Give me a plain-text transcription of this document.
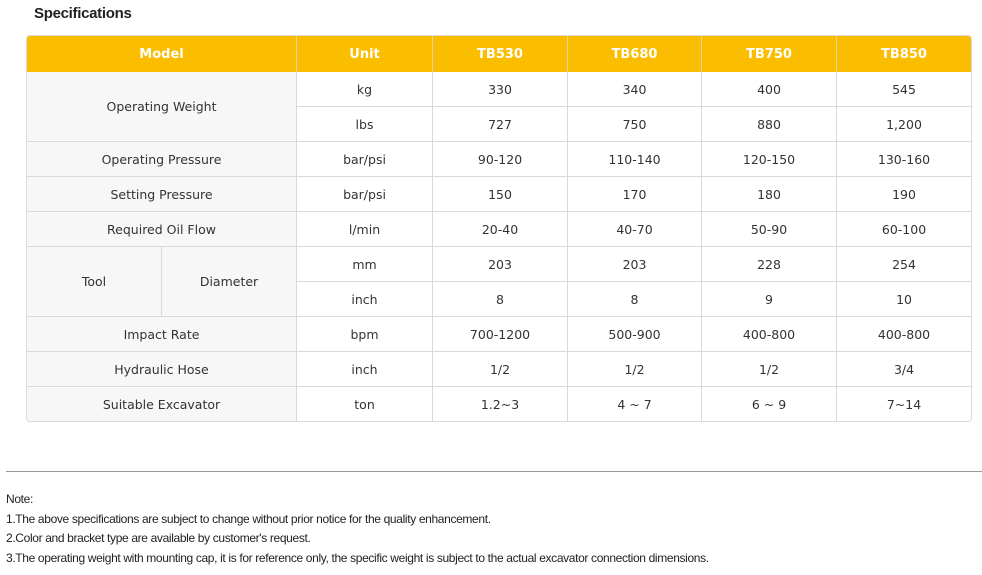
Specifications
Model		Unit	TB530	TB680	TB750	TB850
Operating Weight		kg	330	340	400	545
		lbs	727	750	880	1,200
Operating Pressure		bar/psi	90-120	110-140	120-150	130-160
Setting Pressure		bar/psi	150	170	180	190
Required Oil Flow		l/min	20-40	40-70	50-90	60-100
Tool	Diameter	mm	203	203	228	254
		inch	8	8	9	10
Impact Rate		bpm	700-1200	500-900	400-800	400-800
Hydraulic Hose		inch	1/2	1/2	1/2	3/4
Suitable Excavator		ton	1.2~3	4 ~ 7	6 ~ 9	7~14
Note:
1.The above specifications are subject to change without prior notice for the quality enhancement.
2.Color and bracket type are available by customer's request.
3.The operating weight with mounting cap, it is for reference only, the specific weight is subject to the actual excavator connection dimensions.
